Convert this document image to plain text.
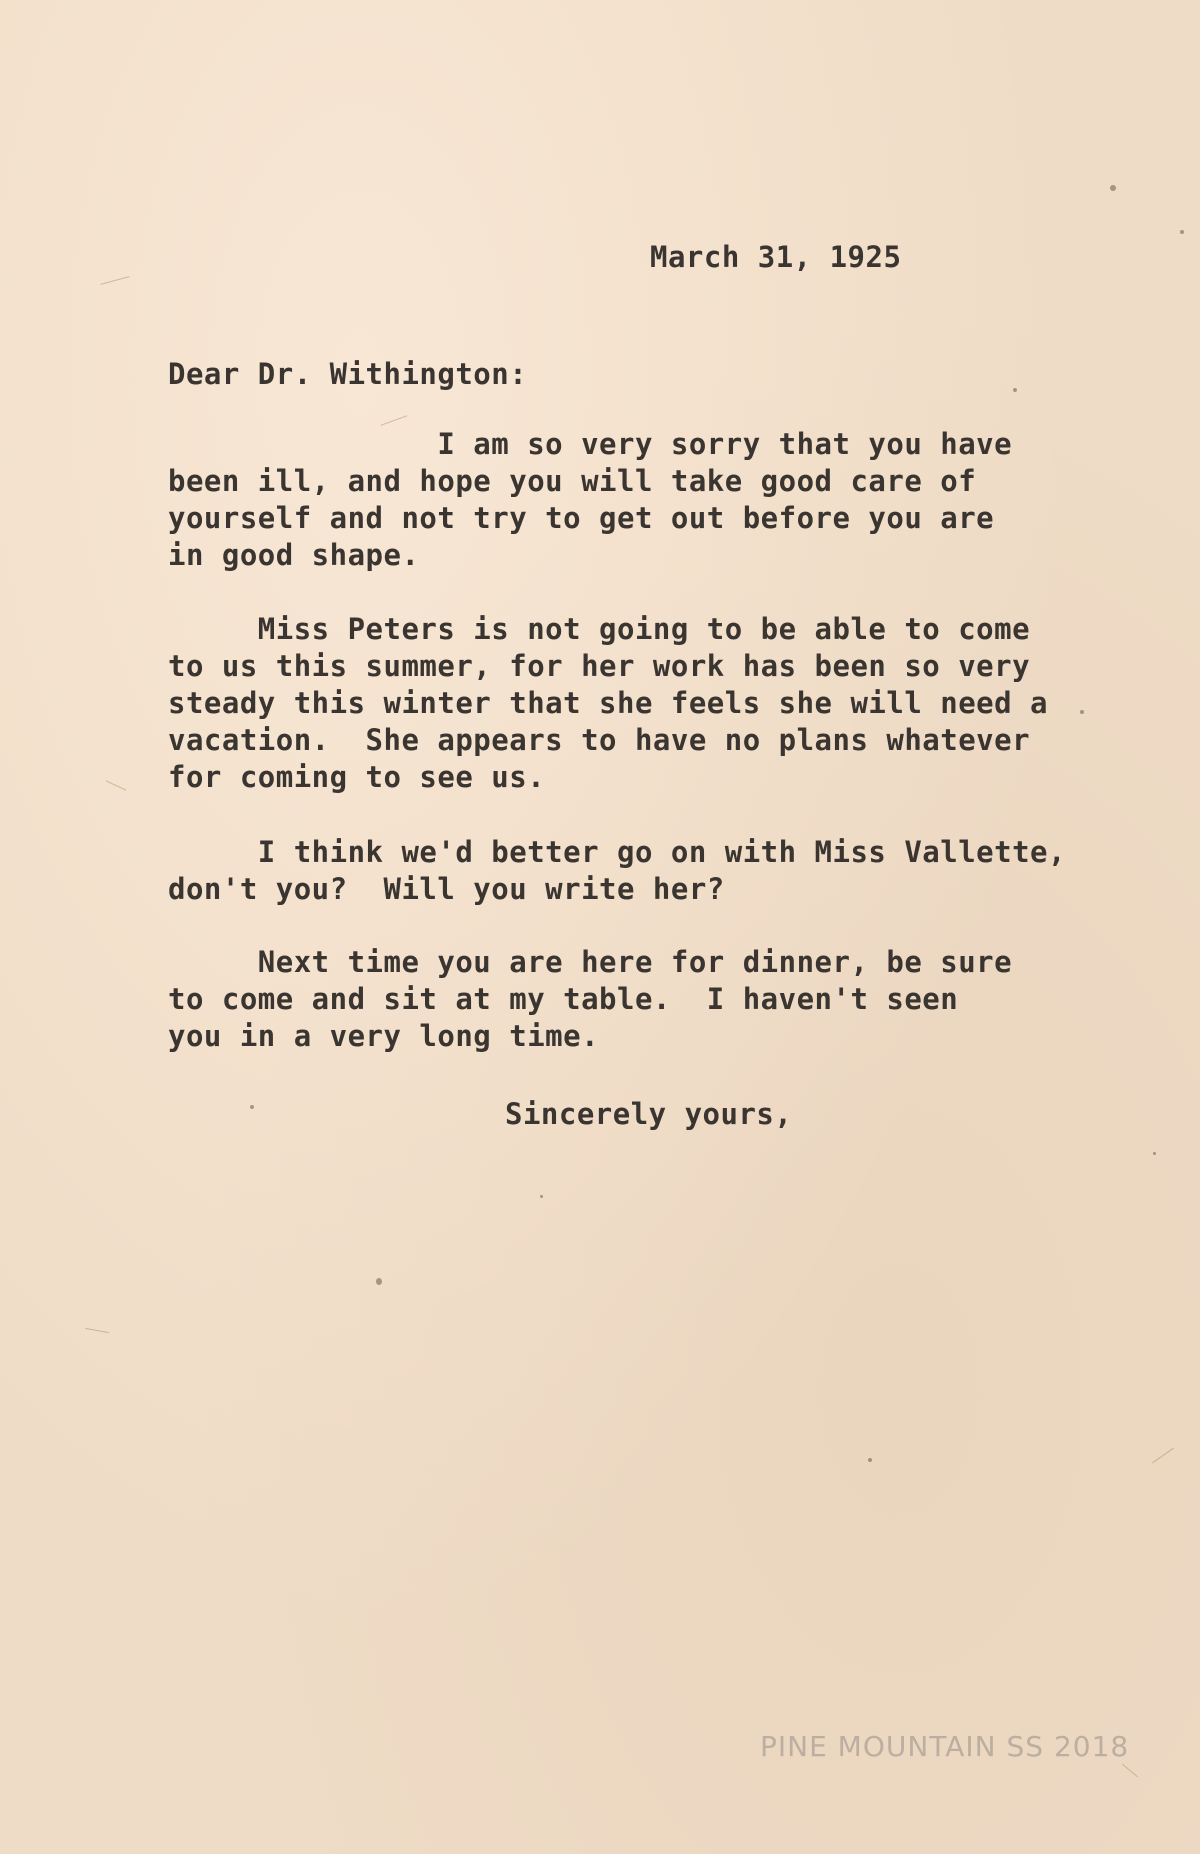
March 31, 1925
Dear Dr. Withington:

I am so very sorry that you have

been ill, and hope you will take good care of

yourself and not try to get out before you are

in good shape.

Miss Peters is not going to be able to come

to us this summer, for her work has been so very

steady this winter that she feels she will need a

vacation.  She appears to have no plans whatever

for coming to see us.

I think we'd better go on with Miss Vallette,

don't you?  Will you write her?

Next time you are here for dinner, be sure

to come and sit at my table.  I haven't seen

you in a very long time.

Sincerely yours,
PINE MOUNTAIN SS 2018
